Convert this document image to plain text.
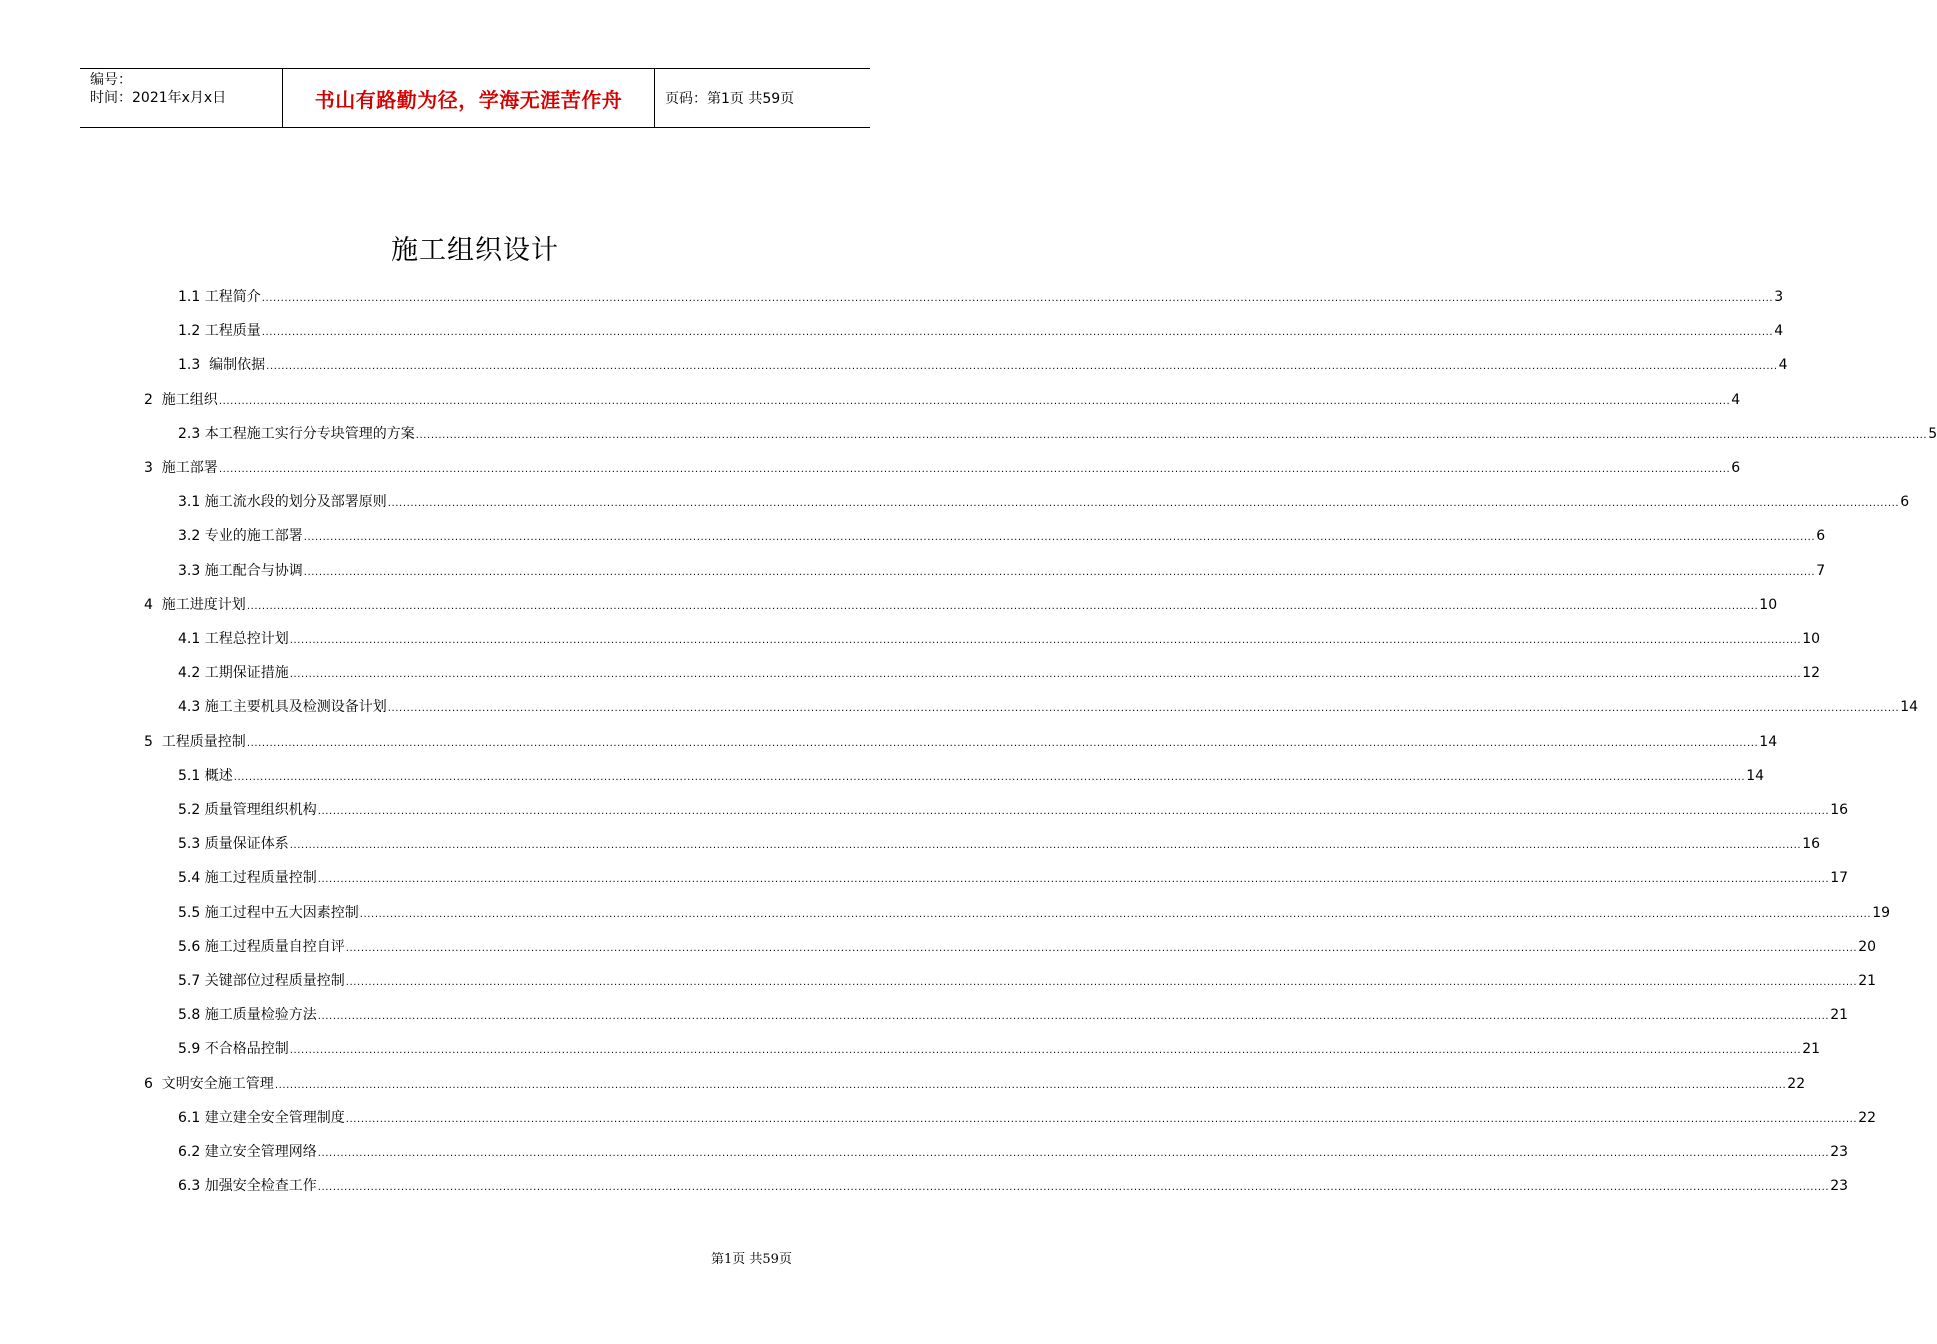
编号：
时间：2021年x月x日	书山有路勤为径，学海无涯苦作舟	页码：第1页 共59页
施工组织设计
1.1 工程简介 ................................................................................................................................................................................................................................................................................................................................................................................................................ 3
1.2 工程质量 ................................................................................................................................................................................................................................................................................................................................................................................................................ 4
1.3  编制依据 ................................................................................................................................................................................................................................................................................................................................................................................................................ 4
2  施工组织 ................................................................................................................................................................................................................................................................................................................................................................................................................ 4
2.3 本工程施工实行分专块管理的方案 ................................................................................................................................................................................................................................................................................................................................................................................................................ 5
3  施工部署 ................................................................................................................................................................................................................................................................................................................................................................................................................ 6
3.1 施工流水段的划分及部署原则 ................................................................................................................................................................................................................................................................................................................................................................................................................ 6
3.2 专业的施工部署 ................................................................................................................................................................................................................................................................................................................................................................................................................ 6
3.3 施工配合与协调 ................................................................................................................................................................................................................................................................................................................................................................................................................ 7
4  施工进度计划 ................................................................................................................................................................................................................................................................................................................................................................................................................ 10
4.1 工程总控计划 ................................................................................................................................................................................................................................................................................................................................................................................................................ 10
4.2 工期保证措施 ................................................................................................................................................................................................................................................................................................................................................................................................................ 12
4.3 施工主要机具及检测设备计划 ................................................................................................................................................................................................................................................................................................................................................................................................................ 14
5  工程质量控制 ................................................................................................................................................................................................................................................................................................................................................................................................................ 14
5.1 概述 ................................................................................................................................................................................................................................................................................................................................................................................................................ 14
5.2 质量管理组织机构 ................................................................................................................................................................................................................................................................................................................................................................................................................ 16
5.3 质量保证体系 ................................................................................................................................................................................................................................................................................................................................................................................................................ 16
5.4 施工过程质量控制 ................................................................................................................................................................................................................................................................................................................................................................................................................ 17
5.5 施工过程中五大因素控制 ................................................................................................................................................................................................................................................................................................................................................................................................................ 19
5.6 施工过程质量自控自评 ................................................................................................................................................................................................................................................................................................................................................................................................................ 20
5.7 关键部位过程质量控制 ................................................................................................................................................................................................................................................................................................................................................................................................................ 21
5.8 施工质量检验方法 ................................................................................................................................................................................................................................................................................................................................................................................................................ 21
5.9 不合格品控制 ................................................................................................................................................................................................................................................................................................................................................................................................................ 21
6  文明安全施工管理 ................................................................................................................................................................................................................................................................................................................................................................................................................ 22
6.1 建立建全安全管理制度 ................................................................................................................................................................................................................................................................................................................................................................................................................ 22
6.2 建立安全管理网络 ................................................................................................................................................................................................................................................................................................................................................................................................................ 23
6.3 加强安全检查工作 ................................................................................................................................................................................................................................................................................................................................................................................................................ 23
第1页 共59页
